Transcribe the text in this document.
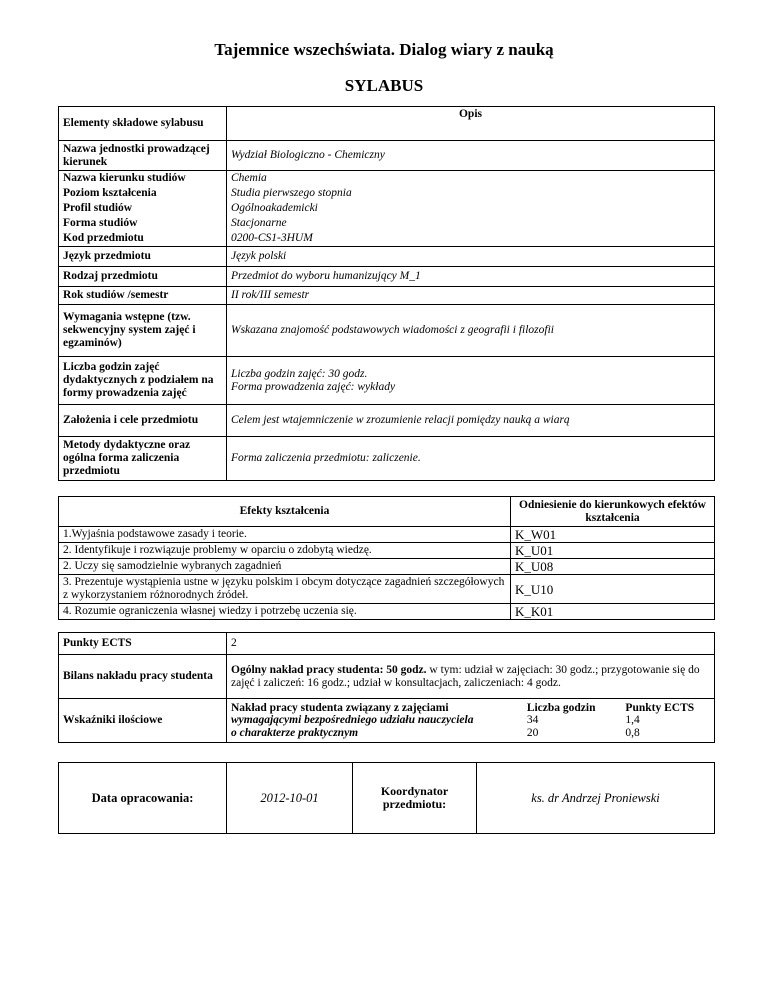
Tajemnice wszechświata. Dialog wiary z nauką
SYLABUS
Elementy składowe sylabusu	Opis
Nazwa jednostki prowadzącej kierunek	Wydział Biologiczno - Chemiczny
Nazwa kierunku studiów	Chemia
Poziom kształcenia	Studia pierwszego stopnia
Profil studiów	Ogólnoakademicki
Forma studiów	Stacjonarne
Kod przedmiotu	0200-CS1-3HUM
Język przedmiotu	Język polski
Rodzaj przedmiotu	Przedmiot do wyboru humanizujący M_1
Rok studiów /semestr	II rok/III semestr
Wymagania wstępne (tzw. sekwencyjny system zajęć i egzaminów)	Wskazana znajomość podstawowych wiadomości z geografii i filozofii
Liczba godzin zajęć dydaktycznych z podziałem na formy prowadzenia zajęć	Liczba godzin zajęć: 30 godz.
Forma prowadzenia zajęć: wykłady

Założenia i cele przedmiotu	Celem jest wtajemniczenie w zrozumienie relacji pomiędzy nauką a wiarą
Metody dydaktyczne oraz ogólna forma zaliczenia przedmiotu	Forma zaliczenia przedmiotu: zaliczenie.
Efekty kształcenia	Odniesienie do kierunkowych efektów kształcenia
1.Wyjaśnia podstawowe zasady i teorie.	K_W01
2. Identyfikuje i rozwiązuje problemy w oparciu o zdobytą wiedzę.	K_U01
2. Uczy się samodzielnie wybranych zagadnień	K_U08
3. Prezentuje wystąpienia ustne w języku polskim i obcym dotyczące zagadnień szczegółowych z wykorzystaniem różnorodnych źródeł.	K_U10
4. Rozumie ograniczenia własnej wiedzy i potrzebę uczenia się.	K_K01
Punkty ECTS	2
Bilans nakładu pracy studenta	Ogólny nakład pracy studenta: 50 godz. w tym: udział w zajęciach: 30 godz.; przygotowanie się do zajęć i zaliczeń: 16 godz.; udział w konsultacjach, zaliczeniach: 4 godz.
Wskaźniki ilościowe	
Nakład pracy studenta związany z zajęciami	Liczba godzin	Punkty ECTS
wymagającymi bezpośredniego udziału nauczyciela	34	1,4
o charakterze praktycznym	20	0,8
Data opracowania:	2012-10-01	Koordynator przedmiotu:	ks. dr Andrzej Proniewski
